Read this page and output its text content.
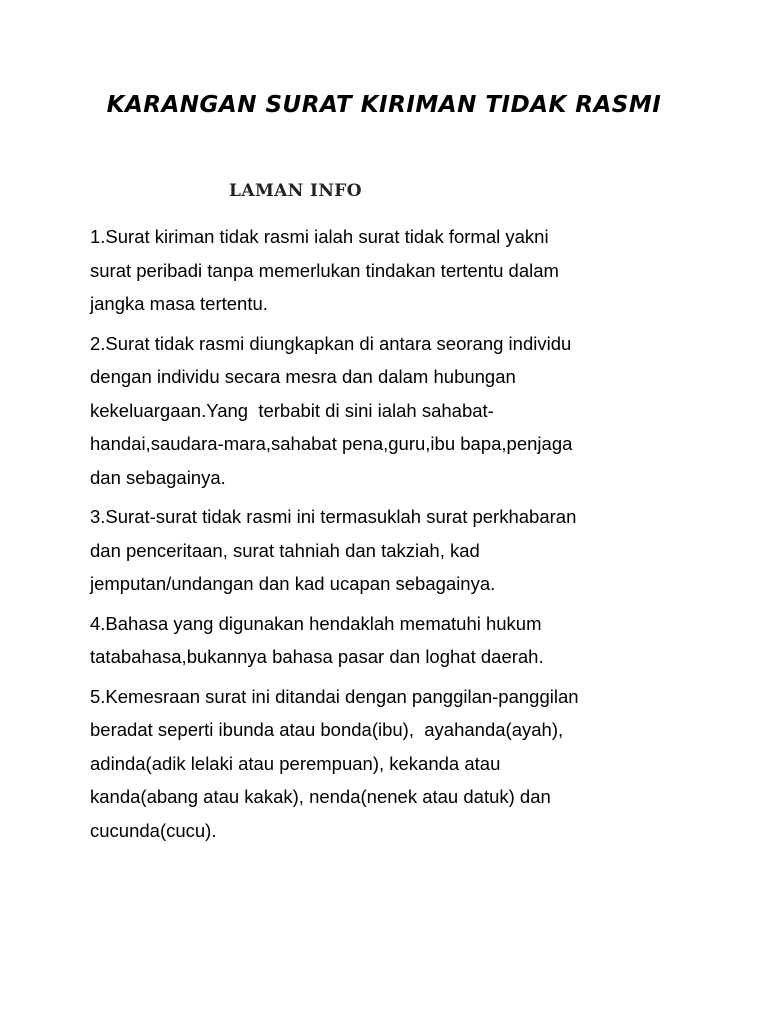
KARANGAN SURAT KIRIMAN TIDAK RASMI
LAMAN INFO

1.Surat kiriman tidak rasmi ialah surat tidak formal yakni
surat peribadi tanpa memerlukan tindakan tertentu dalam
jangka masa tertentu.

2.Surat tidak rasmi diungkapkan di antara seorang individu
dengan individu secara mesra dan dalam hubungan
kekeluargaan.Yang  terbabit di sini ialah sahabat-
handai,saudara-mara,sahabat pena,guru,ibu bapa,penjaga
dan sebagainya.

3.Surat-surat tidak rasmi ini termasuklah surat perkhabaran
dan penceritaan, surat tahniah dan takziah, kad
jemputan/undangan dan kad ucapan sebagainya.

4.Bahasa yang digunakan hendaklah mematuhi hukum
tatabahasa,bukannya bahasa pasar dan loghat daerah.

5.Kemesraan surat ini ditandai dengan panggilan-panggilan
beradat seperti ibunda atau bonda(ibu),  ayahanda(ayah),
adinda(adik lelaki atau perempuan), kekanda atau
kanda(abang atau kakak), nenda(nenek atau datuk) dan
cucunda(cucu).
